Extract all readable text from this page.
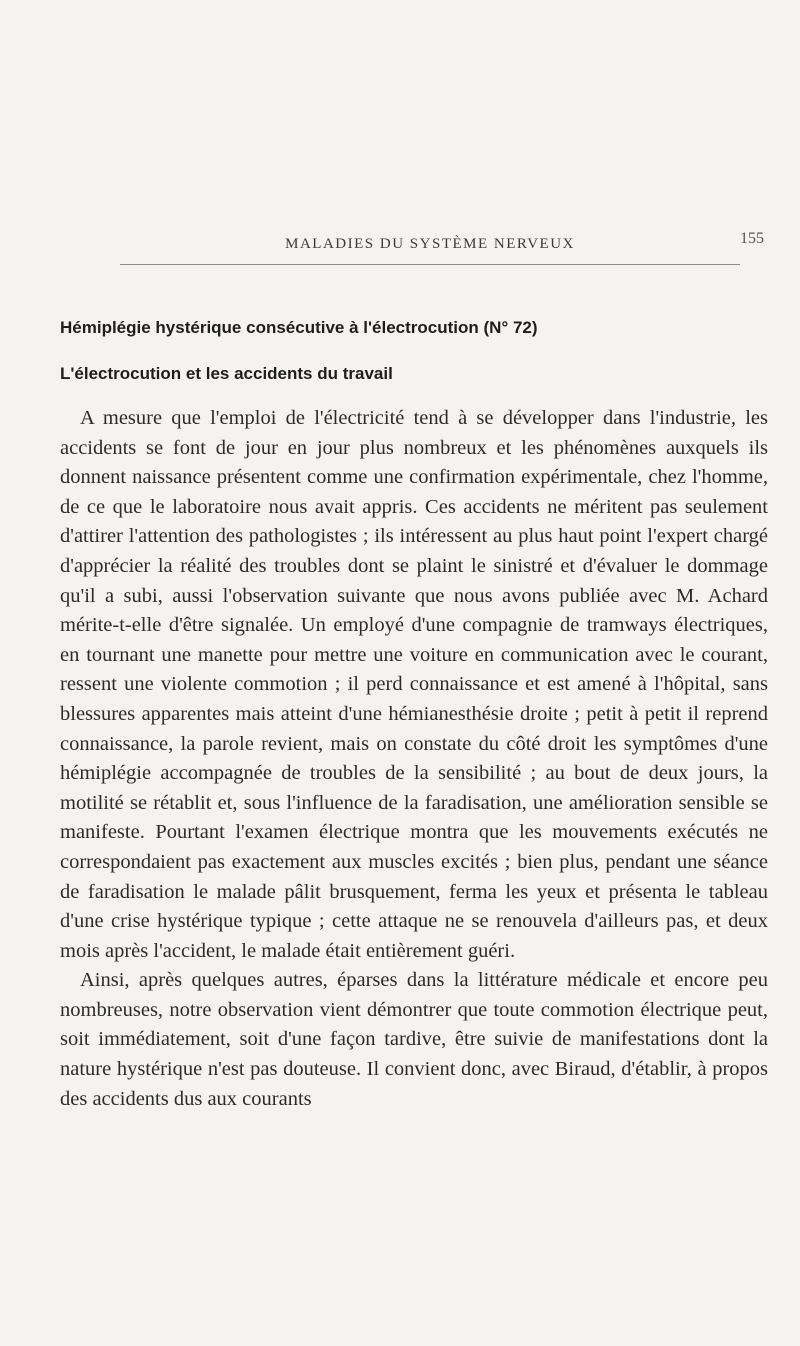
MALADIES DU SYSTÈME NERVEUX	155
Hémiplégie hystérique consécutive à l'électrocution (N° 72)
L'électrocution et les accidents du travail

A mesure que l'emploi de l'électricité tend à se développer dans l'industrie, les accidents se font de jour en jour plus nombreux et les phénomènes auxquels ils donnent naissance présentent comme une confirmation expérimentale, chez l'homme, de ce que le laboratoire nous avait appris. Ces accidents ne méritent pas seulement d'attirer l'attention des pathologistes ; ils intéressent au plus haut point l'expert chargé d'apprécier la réalité des troubles dont se plaint le sinistré et d'évaluer le dommage qu'il a subi, aussi l'observation suivante que nous avons publiée avec M. Achard mérite-t-elle d'être signalée. Un employé d'une compagnie de tramways électriques, en tournant une manette pour mettre une voiture en communication avec le courant, ressent une violente commotion ; il perd connaissance et est amené à l'hôpital, sans blessures apparentes mais atteint d'une hémianesthésie droite ; petit à petit il reprend connaissance, la parole revient, mais on constate du côté droit les symptômes d'une hémiplégie accompagnée de troubles de la sensibilité ; au bout de deux jours, la motilité se rétablit et, sous l'influence de la faradisation, une amélioration sensible se manifeste. Pourtant l'examen électrique montra que les mouvements exécutés ne correspondaient pas exactement aux muscles excités ; bien plus, pendant une séance de faradisation le malade pâlit brusquement, ferma les yeux et présenta le tableau d'une crise hystérique typique ; cette attaque ne se renouvela d'ailleurs pas, et deux mois après l'accident, le malade était entièrement guéri.

Ainsi, après quelques autres, éparses dans la littérature médicale et encore peu nombreuses, notre observation vient démontrer que toute commotion électrique peut, soit immédiatement, soit d'une façon tardive, être suivie de manifestations dont la nature hystérique n'est pas douteuse. Il convient donc, avec Biraud, d'établir, à propos des accidents dus aux courants
